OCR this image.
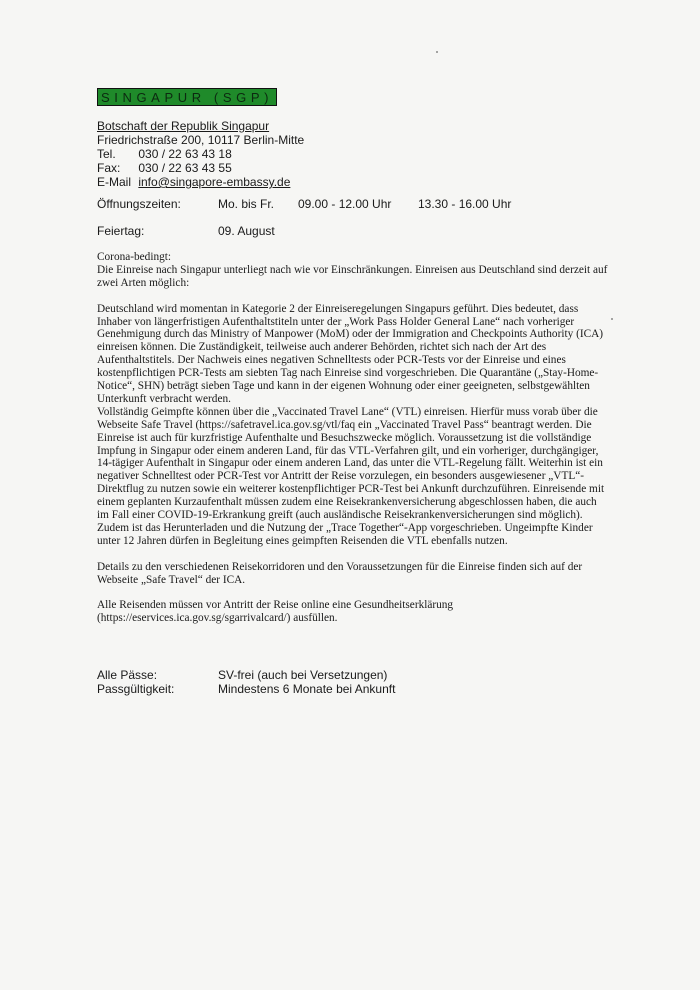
SINGAPUR (SGP)
Botschaft der Republik Singapur
Friedrichstraße 200, 10117 Berlin-Mitte
Tel. 030 / 22 63 43 18
Fax: 030 / 22 63 43 55
E-Mail info@singapore-embassy.de
Öffnungszeiten:	Mo. bis Fr. 09.00 - 12.00 Uhr 13.30 - 16.00 Uhr
Feiertag:	09. August

Corona-bedingt:

Die Einreise nach Singapur unterliegt nach wie vor Einschränkungen. Einreisen aus Deutschland sind derzeit auf zwei Arten möglich:

Deutschland wird momentan in Kategorie 2 der Einreiseregelungen Singapurs geführt. Dies bedeutet, dass Inhaber von längerfristigen Aufenthaltstiteln unter der „Work Pass Holder General Lane“ nach vorheriger Genehmigung durch das Ministry of Manpower (MoM) oder der Immigration and Checkpoints Authority (ICA) einreisen können. Die Zuständigkeit, teilweise auch anderer Behörden, richtet sich nach der Art des Aufenthaltstitels. Der Nachweis eines negativen Schnelltests oder PCR-Tests vor der Einreise und eines kostenpflichtigen PCR-Tests am siebten Tag nach Einreise sind vorgeschrieben. Die Quarantäne („Stay-Home-Notice“, SHN) beträgt sieben Tage und kann in der eigenen Wohnung oder einer geeigneten, selbstgewählten Unterkunft verbracht werden.

Vollständig Geimpfte können über die „Vaccinated Travel Lane“ (VTL) einreisen. Hierfür muss vorab über die Webseite Safe Travel (https://safetravel.ica.gov.sg/vtl/faq ein „Vaccinated Travel Pass“ beantragt werden. Die Einreise ist auch für kurzfristige Aufenthalte und Besuchszwecke möglich. Voraussetzung ist die vollständige Impfung in Singapur oder einem anderen Land, für das VTL-Verfahren gilt, und ein vorheriger, durchgängiger, 14-tägiger Aufenthalt in Singapur oder einem anderen Land, das unter die VTL-Regelung fällt. Weiterhin ist ein negativer Schnelltest oder PCR-Test vor Antritt der Reise vorzulegen, ein besonders ausgewiesener „VTL“-Direktflug zu nutzen sowie ein weiterer kostenpflichtiger PCR-Test bei Ankunft durchzuführen. Einreisende mit einem geplanten Kurzaufenthalt müssen zudem eine Reisekrankenversicherung abgeschlossen haben, die auch im Fall einer COVID-19-Erkrankung greift (auch ausländische Reisekrankenversicherungen sind möglich). Zudem ist das Herunterladen und die Nutzung der „Trace Together“-App vorgeschrieben. Ungeimpfte Kinder unter 12 Jahren dürfen in Begleitung eines geimpften Reisenden die VTL ebenfalls nutzen.

Details zu den verschiedenen Reisekorridoren und den Voraussetzungen für die Einreise finden sich auf der Webseite „Safe Travel“ der ICA.

Alle Reisenden müssen vor Antritt der Reise online eine Gesundheitserklärung (https://eservices.ica.gov.sg/sgarrivalcard/) ausfüllen.

Alle Pässe:	SV-frei (auch bei Versetzungen)
Passgültigkeit:	Mindestens 6 Monate bei Ankunft
